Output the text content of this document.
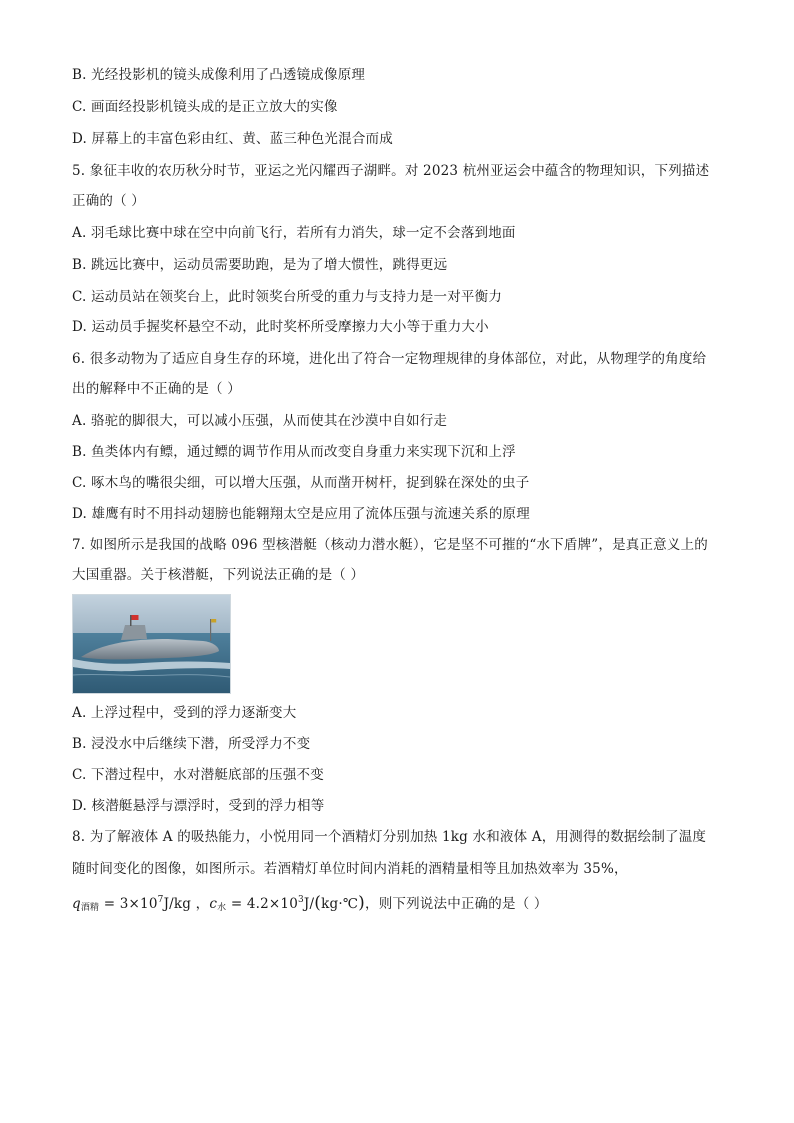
B. 光经投影机的镜头成像利用了凸透镜成像原理
C. 画面经投影机镜头成的是正立放大的实像
D. 屏幕上的丰富色彩由红、黄、蓝三种色光混合而成
5. 象征丰收的农历秋分时节，亚运之光闪耀西子湖畔。对 2023 杭州亚运会中蕴含的物理知识，下列描述
正确的（ ）
A. 羽毛球比赛中球在空中向前飞行，若所有力消失，球一定不会落到地面
B. 跳远比赛中，运动员需要助跑，是为了增大惯性，跳得更远
C. 运动员站在领奖台上，此时领奖台所受的重力与支持力是一对平衡力
D. 运动员手握奖杯悬空不动，此时奖杯所受摩擦力大小等于重力大小
6. 很多动物为了适应自身生存的环境，进化出了符合一定物理规律的身体部位，对此，从物理学的角度给
出的解释中不正确的是（ ）
A. 骆驼的脚很大，可以减小压强，从而使其在沙漠中自如行走
B. 鱼类体内有鳔，通过鳔的调节作用从而改变自身重力来实现下沉和上浮
C. 啄木鸟的嘴很尖细，可以增大压强，从而凿开树杆，捉到躲在深处的虫子
D. 雄鹰有时不用抖动翅膀也能翱翔太空是应用了流体压强与流速关系的原理
7. 如图所示是我国的战略 096 型核潜艇（核动力潜水艇），它是坚不可摧的“水下盾牌”，是真正意义上的
大国重器。关于核潜艇，下列说法正确的是（ ）
A. 上浮过程中，受到的浮力逐渐变大
B. 浸没水中后继续下潜，所受浮力不变
C. 下潜过程中，水对潜艇底部的压强不变
D. 核潜艇悬浮与漂浮时，受到的浮力相等
8. 为了解液体 A 的吸热能力，小悦用同一个酒精灯分别加热 1kg 水和液体 A，用测得的数据绘制了温度
随时间变化的图像，如图所示。若酒精灯单位时间内消耗的酒精量相等且加热效率为 35%，
$q_{酒精} = 3\times 10^7J/kg$ ，$c_水$ = $4.2\times 10^3J/(kg\cdot℃)$，则下列说法中正确的是（ ）
